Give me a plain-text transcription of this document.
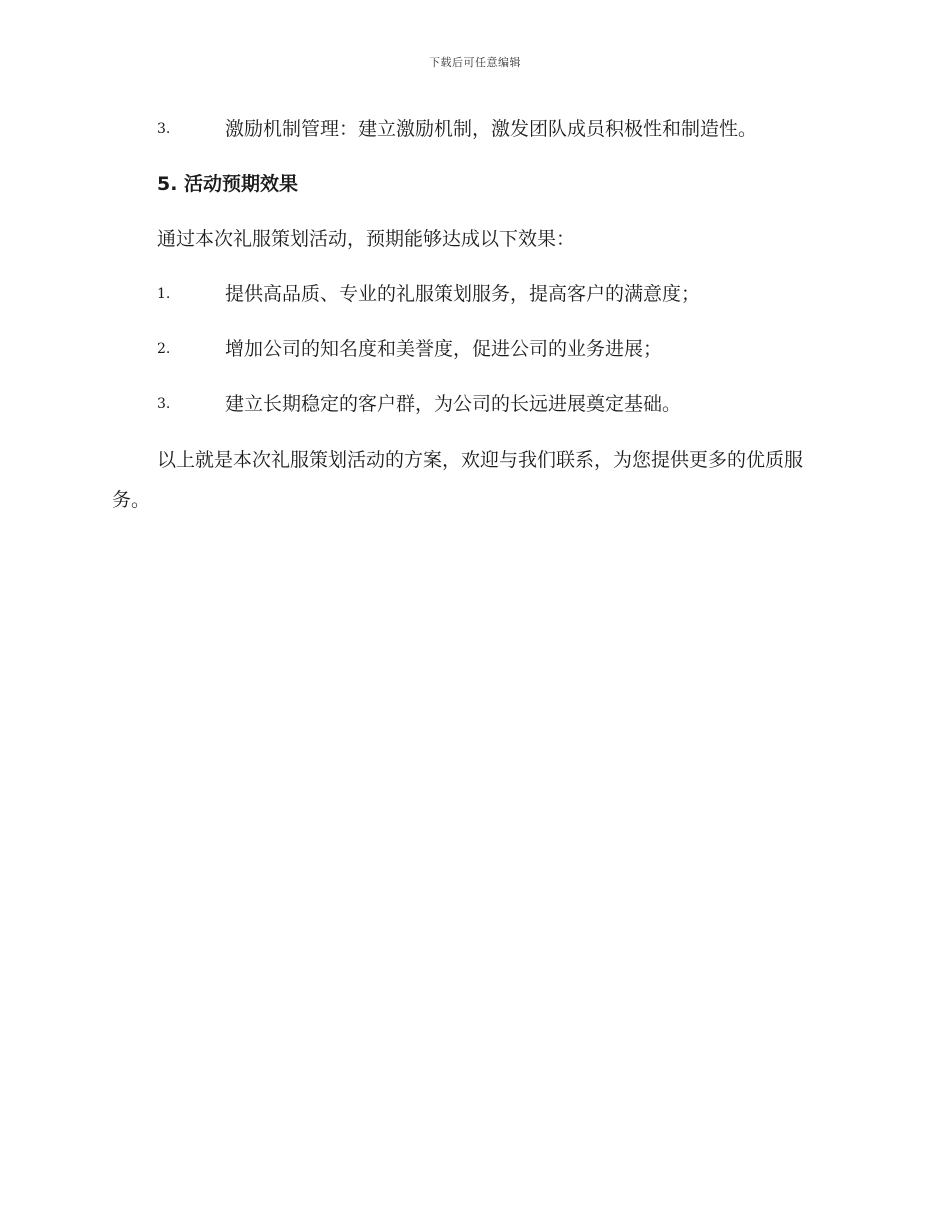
下载后可任意编辑
3.	激励机制管理：建立激励机制，激发团队成员积极性和制造性。
5. 活动预期效果
通过本次礼服策划活动，预期能够达成以下效果：
1.	提供高品质、专业的礼服策划服务，提高客户的满意度；
2.	增加公司的知名度和美誉度，促进公司的业务进展；
3.	建立长期稳定的客户群，为公司的长远进展奠定基础。
以上就是本次礼服策划活动的方案，欢迎与我们联系，为您提供更多的优质服务。
